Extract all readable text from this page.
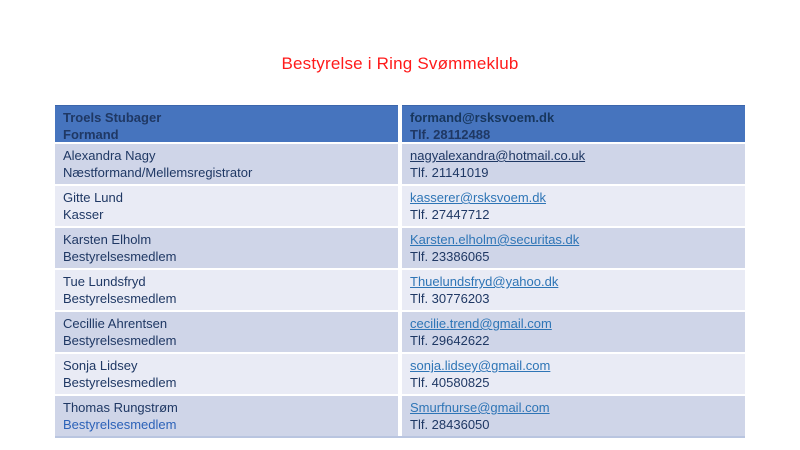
Bestyrelse i Ring Svømmeklub
Troels Stubager
Formand
formand@rsksvoem.dk
Tlf. 28112488
Alexandra Nagy
Næstformand/Mellemsregistrator
nagyalexandra@hotmail.co.uk
Tlf. 21141019
Gitte Lund
Kasser
kasserer@rsksvoem.dk
Tlf. 27447712
Karsten Elholm
Bestyrelsesmedlem
Karsten.elholm@securitas.dk
Tlf. 23386065
Tue Lundsfryd
Bestyrelsesmedlem
Thuelundsfryd@yahoo.dk
Tlf. 30776203
Cecillie Ahrentsen
Bestyrelsesmedlem
cecilie.trend@gmail.com
Tlf. 29642622
Sonja Lidsey
Bestyrelsesmedlem
sonja.lidsey@gmail.com
Tlf. 40580825
Thomas Rungstrøm
Bestyrelsesmedlem
Smurfnurse@gmail.com
Tlf. 28436050
